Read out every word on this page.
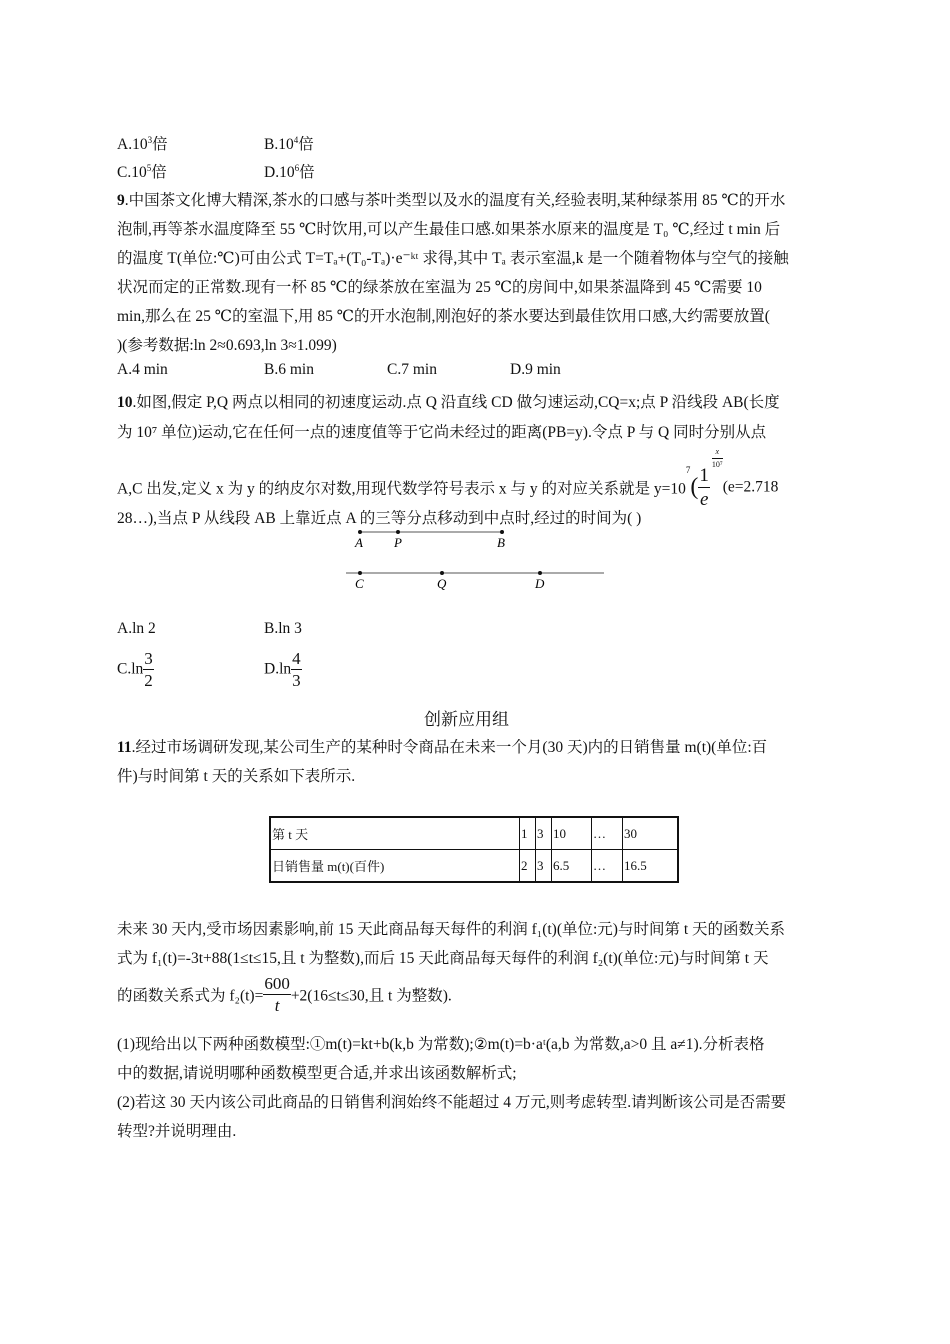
$A.10^3$倍	$B.10^4$倍
$C.10^5$倍	$D.10^6$倍
9.中国茶文化博大精深,茶水的口感与茶叶类型以及水的温度有关,经验表明,某种绿茶用 85 ℃的开水
泡制,再等茶水温度降至 55 ℃时饮用,可以产生最佳口感.如果茶水原来的温度是 T₀ ℃,经过 t min 后
的温度 T(单位:℃)可由公式 T=Tₐ+(T₀-Tₐ)·e⁻ᵏᵗ 求得,其中 Tₐ 表示室温,k 是一个随着物体与空气的接触
状况而定的正常数.现有一杯 85 ℃的绿茶放在室温为 25 ℃的房间中,如果茶温降到 45 ℃需要 10
min,那么在 25 ℃的室温下,用 85 ℃的开水泡制,刚泡好的茶水要达到最佳饮用口感,大约需要放置(
)(参考数据:ln 2≈0.693,ln 3≈1.099)
A.4 min	B.6 min	C.7 min	D.9 min
10.如图,假定 P,Q 两点以相同的初速度运动.点 Q 沿直线 CD 做匀速运动,CQ=x;点 P 沿线段 AB(长度
为 10⁷ 单位)运动,它在任何一点的速度值等于它尚未经过的距离(PB=y).令点 P 与 Q 同时分别从点
A,C 出发,定义 x 为 y 的纳皮尔对数,用现代数学符号表示 x 与 y 的对应关系就是 $y=10^7( \frac{1}{e}$
$\frac{x}{\text{10⁷}}$
(e=2.718
28…),当点 P 从线段 AB 上靠近点 A 的三等分点移动到中点时,经过的时间为( )
A P	B
C	Q	D
A.ln 2	B.ln 3
$C.\ln \frac{3}{2}$	$D.\ln \frac{4}{3}$
创新应用组
11.经过市场调研发现,某公司生产的某种时令商品在未来一个月(30 天)内的日销售量 m(t)(单位:百
件)与时间第 t 天的关系如下表所示.
第 t 天	1	3	10	…	30
日销售量 m(t)(百件)	2	3	6.5	…	16.5
未来 30 天内,受市场因素影响,前 15 天此商品每天每件的利润 f₁(t)(单位:元)与时间第 t 天的函数关系
式为 f₁(t)=-3t+88(1≤t≤15,且 t 为整数),而后 15 天此商品每天每件的利润 f₂(t)(单位:元)与时间第 t 天
的函数关系式为 $f_2(t)= \frac{600}{t} +2(16\le t\le 30$,且 t 为整数).
(1)现给出以下两种函数模型:①m(t)=kt+b(k,b 为常数);②m(t)=b·aᵗ(a,b 为常数,a>0 且 a≠1).分析表格
中的数据,请说明哪种函数模型更合适,并求出该函数解析式;
(2)若这 30 天内该公司此商品的日销售利润始终不能超过 4 万元,则考虑转型.请判断该公司是否需要
转型?并说明理由.
